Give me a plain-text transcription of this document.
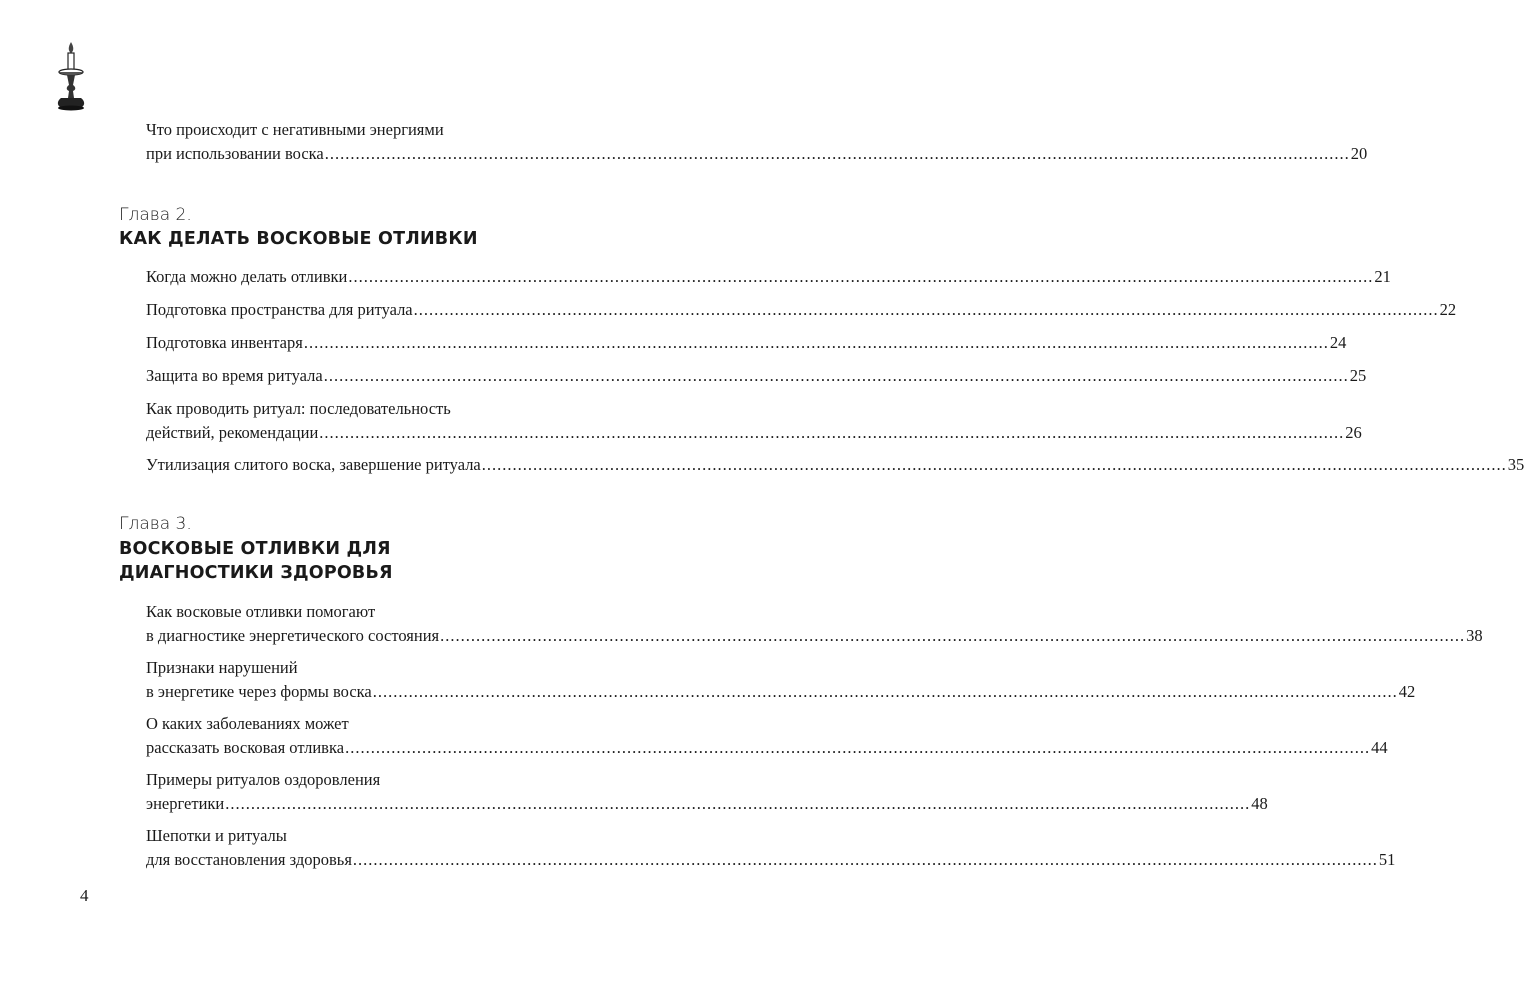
Что происходит с негативными энергиями
при использовании воска ........................................................................................................................................................................................................ 20
Глава 2.
КАК ДЕЛАТЬ ВОСКОВЫЕ ОТЛИВКИ
Когда можно делать отливки ........................................................................................................................................................................................................ 21
Подготовка пространства для ритуала ........................................................................................................................................................................................................ 22
Подготовка инвентаря ........................................................................................................................................................................................................ 24
Защита во время ритуала ........................................................................................................................................................................................................ 25
Как проводить ритуал: последовательность
действий, рекомендации ........................................................................................................................................................................................................ 26
Утилизация слитого воска, завершение ритуала ........................................................................................................................................................................................................ 35
Глава 3.
ВОСКОВЫЕ ОТЛИВКИ ДЛЯ ДИАГНОСТИКИ ЗДОРОВЬЯ
Как восковые отливки помогают
в диагностике энергетического состояния ........................................................................................................................................................................................................ 38
Признаки нарушений
в энергетике через формы воска ........................................................................................................................................................................................................ 42
О каких заболеваниях может
рассказать восковая отливка ........................................................................................................................................................................................................ 44
Примеры ритуалов оздоровления
энергетики ........................................................................................................................................................................................................ 48
Шепотки и ритуалы
для восстановления здоровья ........................................................................................................................................................................................................ 51
4
